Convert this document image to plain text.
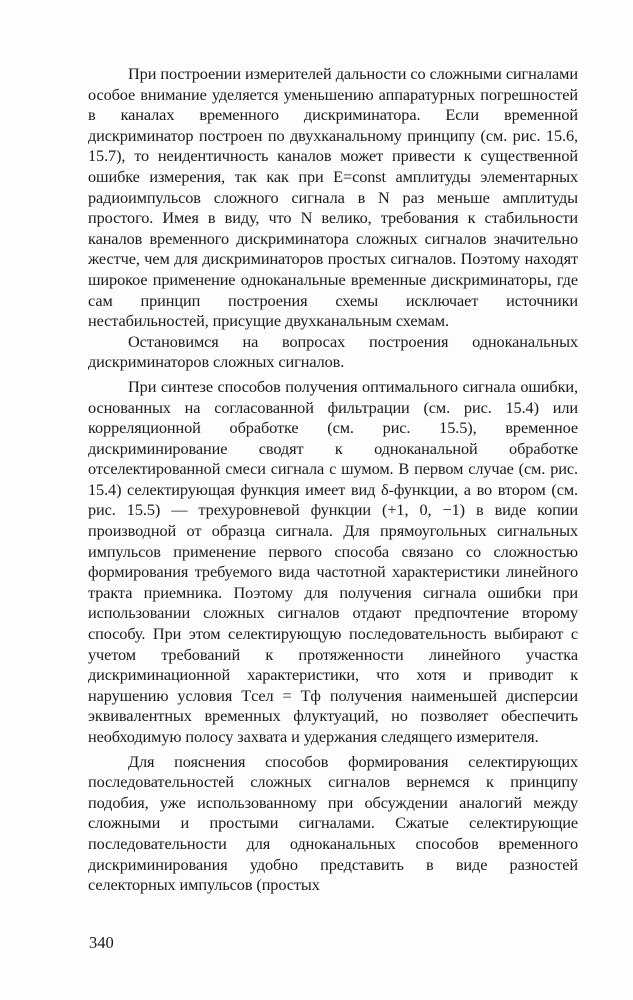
При построении измерителей дальности со сложными сигналами особое внимание уделяется уменьшению аппаратурных погрешностей в каналах временного дискриминатора. Если временной дискриминатор построен по двухканальному принципу (см. рис. 15.6, 15.7), то неидентичность каналов может привести к существенной ошибке измерения, так как при E=const амплитуды элементарных радиоимпульсов сложного сигнала в N раз меньше амплитуды простого. Имея в виду, что N велико, требования к стабильности каналов временного дискриминатора сложных сигналов значительно жестче, чем для дискриминаторов простых сигналов. Поэтому находят широкое применение одноканальные временные дискриминаторы, где сам принцип построения схемы исключает источники нестабильностей, присущие двухканальным схемам.

Остановимся на вопросах построения одноканальных дискриминаторов сложных сигналов.

При синтезе способов получения оптимального сигнала ошибки, основанных на согласованной фильтрации (см. рис. 15.4) или корреляционной обработке (см. рис. 15.5), временное дискриминирование сводят к одноканальной обработке отселектированной смеси сигнала с шумом. В первом случае (см. рис. 15.4) селектирующая функция имеет вид δ-функции, а во втором (см. рис. 15.5) — трехуровневой функции (+1, 0, −1) в виде копии производной от образца сигнала. Для прямоугольных сигнальных импульсов применение первого способа связано со сложностью формирования требуемого вида частотной характеристики линейного тракта приемника. Поэтому для получения сигнала ошибки при использовании сложных сигналов отдают предпочтение второму способу. При этом селектирующую последовательность выбирают с учетом требований к протяженности линейного участка дискриминационной характеристики, что хотя и приводит к нарушению условия Tсел = Tф получения наименьшей дисперсии эквивалентных временных флуктуаций, но позволяет обеспечить необходимую полосу захвата и удержания следящего измерителя.

Для пояснения способов формирования селектирующих последовательностей сложных сигналов вернемся к принципу подобия, уже использованному при обсуждении аналогий между сложными и простыми сигналами. Сжатые селектирующие последовательности для одноканальных способов временного дискриминирования удобно представить в виде разностей селекторных импульсов (простых

340
